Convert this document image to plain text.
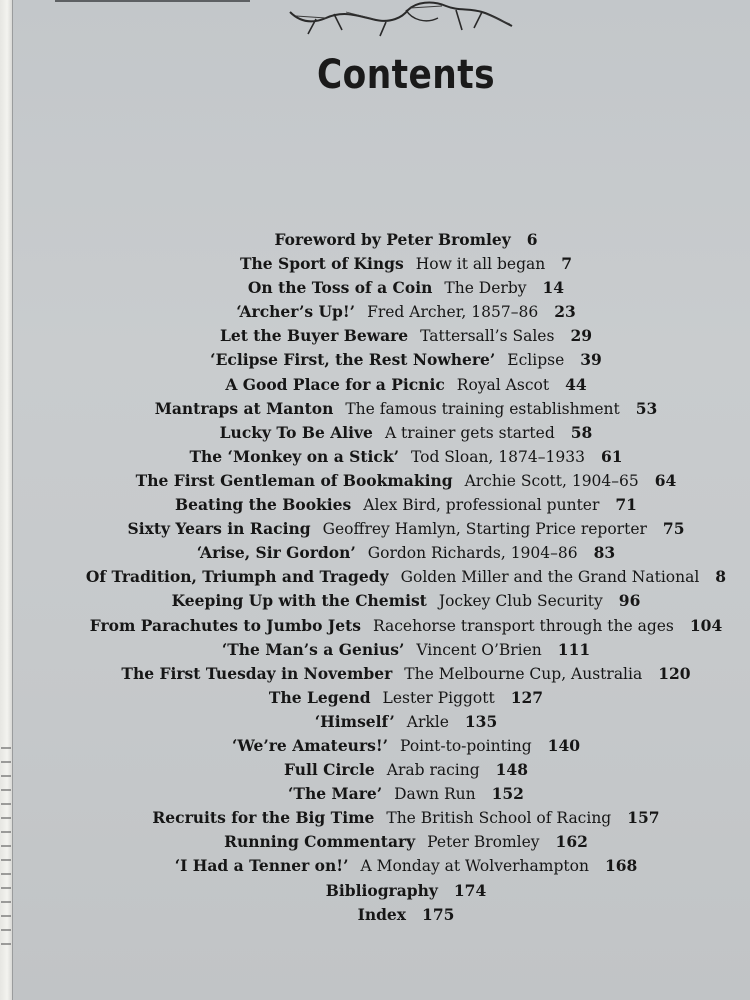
Contents
Foreword by Peter Bromley 6
The Sport of Kings How it all began 7
On the Toss of a Coin The Derby 14
‘Archer’s Up!’ Fred Archer, 1857–86 23
Let the Buyer Beware Tattersall’s Sales 29
‘Eclipse First, the Rest Nowhere’ Eclipse 39
A Good Place for a Picnic Royal Ascot 44
Mantraps at Manton The famous training establishment 53
Lucky To Be Alive A trainer gets started 58
The ‘Monkey on a Stick’ Tod Sloan, 1874–1933 61
The First Gentleman of Bookmaking Archie Scott, 1904–65 64
Beating the Bookies Alex Bird, professional punter 71
Sixty Years in Racing Geoffrey Hamlyn, Starting Price reporter 75
‘Arise, Sir Gordon’ Gordon Richards, 1904–86 83
Of Tradition, Triumph and Tragedy Golden Miller and the Grand National 8
Keeping Up with the Chemist Jockey Club Security 96
From Parachutes to Jumbo Jets Racehorse transport through the ages 104
‘The Man’s a Genius’ Vincent O’Brien 111
The First Tuesday in November The Melbourne Cup, Australia 120
The Legend Lester Piggott 127
‘Himself’ Arkle 135
‘We’re Amateurs!’ Point-to-pointing 140
Full Circle Arab racing 148
‘The Mare’ Dawn Run 152
Recruits for the Big Time The British School of Racing 157
Running Commentary Peter Bromley 162
‘I Had a Tenner on!’ A Monday at Wolverhampton 168
Bibliography 174
Index 175
